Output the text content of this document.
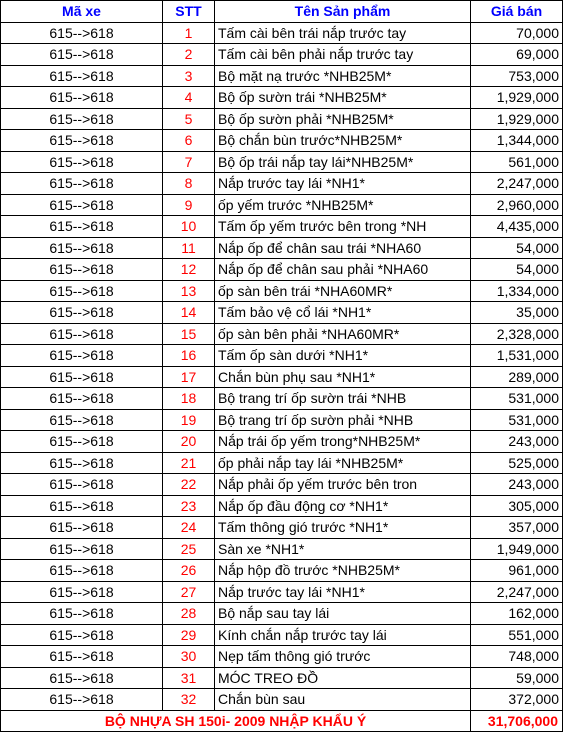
Mã xe	STT	Tên Sản phẩm	Giá bán
615-->618	1	Tấm cài bên trái nắp trước tay	70,000
615-->618	2	Tấm cài bên phải nắp trước tay	69,000
615-->618	3	Bộ mặt nạ trước *NHB25M*	753,000
615-->618	4	Bộ ốp sườn trái *NHB25M*	1,929,000
615-->618	5	Bộ ốp sườn phải *NHB25M*	1,929,000
615-->618	6	Bộ chắn bùn trước*NHB25M*	1,344,000
615-->618	7	Bộ ốp trái nắp tay lái*NHB25M*	561,000
615-->618	8	Nắp trước tay lái *NH1*	2,247,000
615-->618	9	ốp yếm trước *NHB25M*	2,960,000
615-->618	10	Tấm ốp yếm trước bên trong *NH	4,435,000
615-->618	11	Nắp ốp để chân sau trái *NHA60	54,000
615-->618	12	Nắp ốp để chân sau phải *NHA60	54,000
615-->618	13	ốp sàn bên trái *NHA60MR*	1,334,000
615-->618	14	Tấm bảo vệ cổ lái *NH1*	35,000
615-->618	15	ốp sàn bên phải *NHA60MR*	2,328,000
615-->618	16	Tấm ốp sàn dưới *NH1*	1,531,000
615-->618	17	Chắn bùn phụ sau *NH1*	289,000
615-->618	18	Bộ trang trí ốp sườn trái *NHB	531,000
615-->618	19	Bộ trang trí ốp sườn phải *NHB	531,000
615-->618	20	Nắp trái ốp yếm trong*NHB25M*	243,000
615-->618	21	ốp phải nắp tay lái *NHB25M*	525,000
615-->618	22	Nắp phải ốp yếm trước bên tron	243,000
615-->618	23	Nắp ốp đầu động cơ *NH1*	305,000
615-->618	24	Tấm thông gió trước *NH1*	357,000
615-->618	25	Sàn xe *NH1*	1,949,000
615-->618	26	Nắp hộp đồ trước *NHB25M*	961,000
615-->618	27	Nắp trước tay lái *NH1*	2,247,000
615-->618	28	Bộ nắp sau tay lái	162,000
615-->618	29	Kính chắn nắp trước tay lái	551,000
615-->618	30	Nẹp tấm thông gió trước	748,000
615-->618	31	MÓC TREO ĐỒ	59,000
615-->618	32	Chắn bùn sau	372,000
BỘ NHỰA SH 150i- 2009 NHẬP KHẨU Ý			31,706,000
